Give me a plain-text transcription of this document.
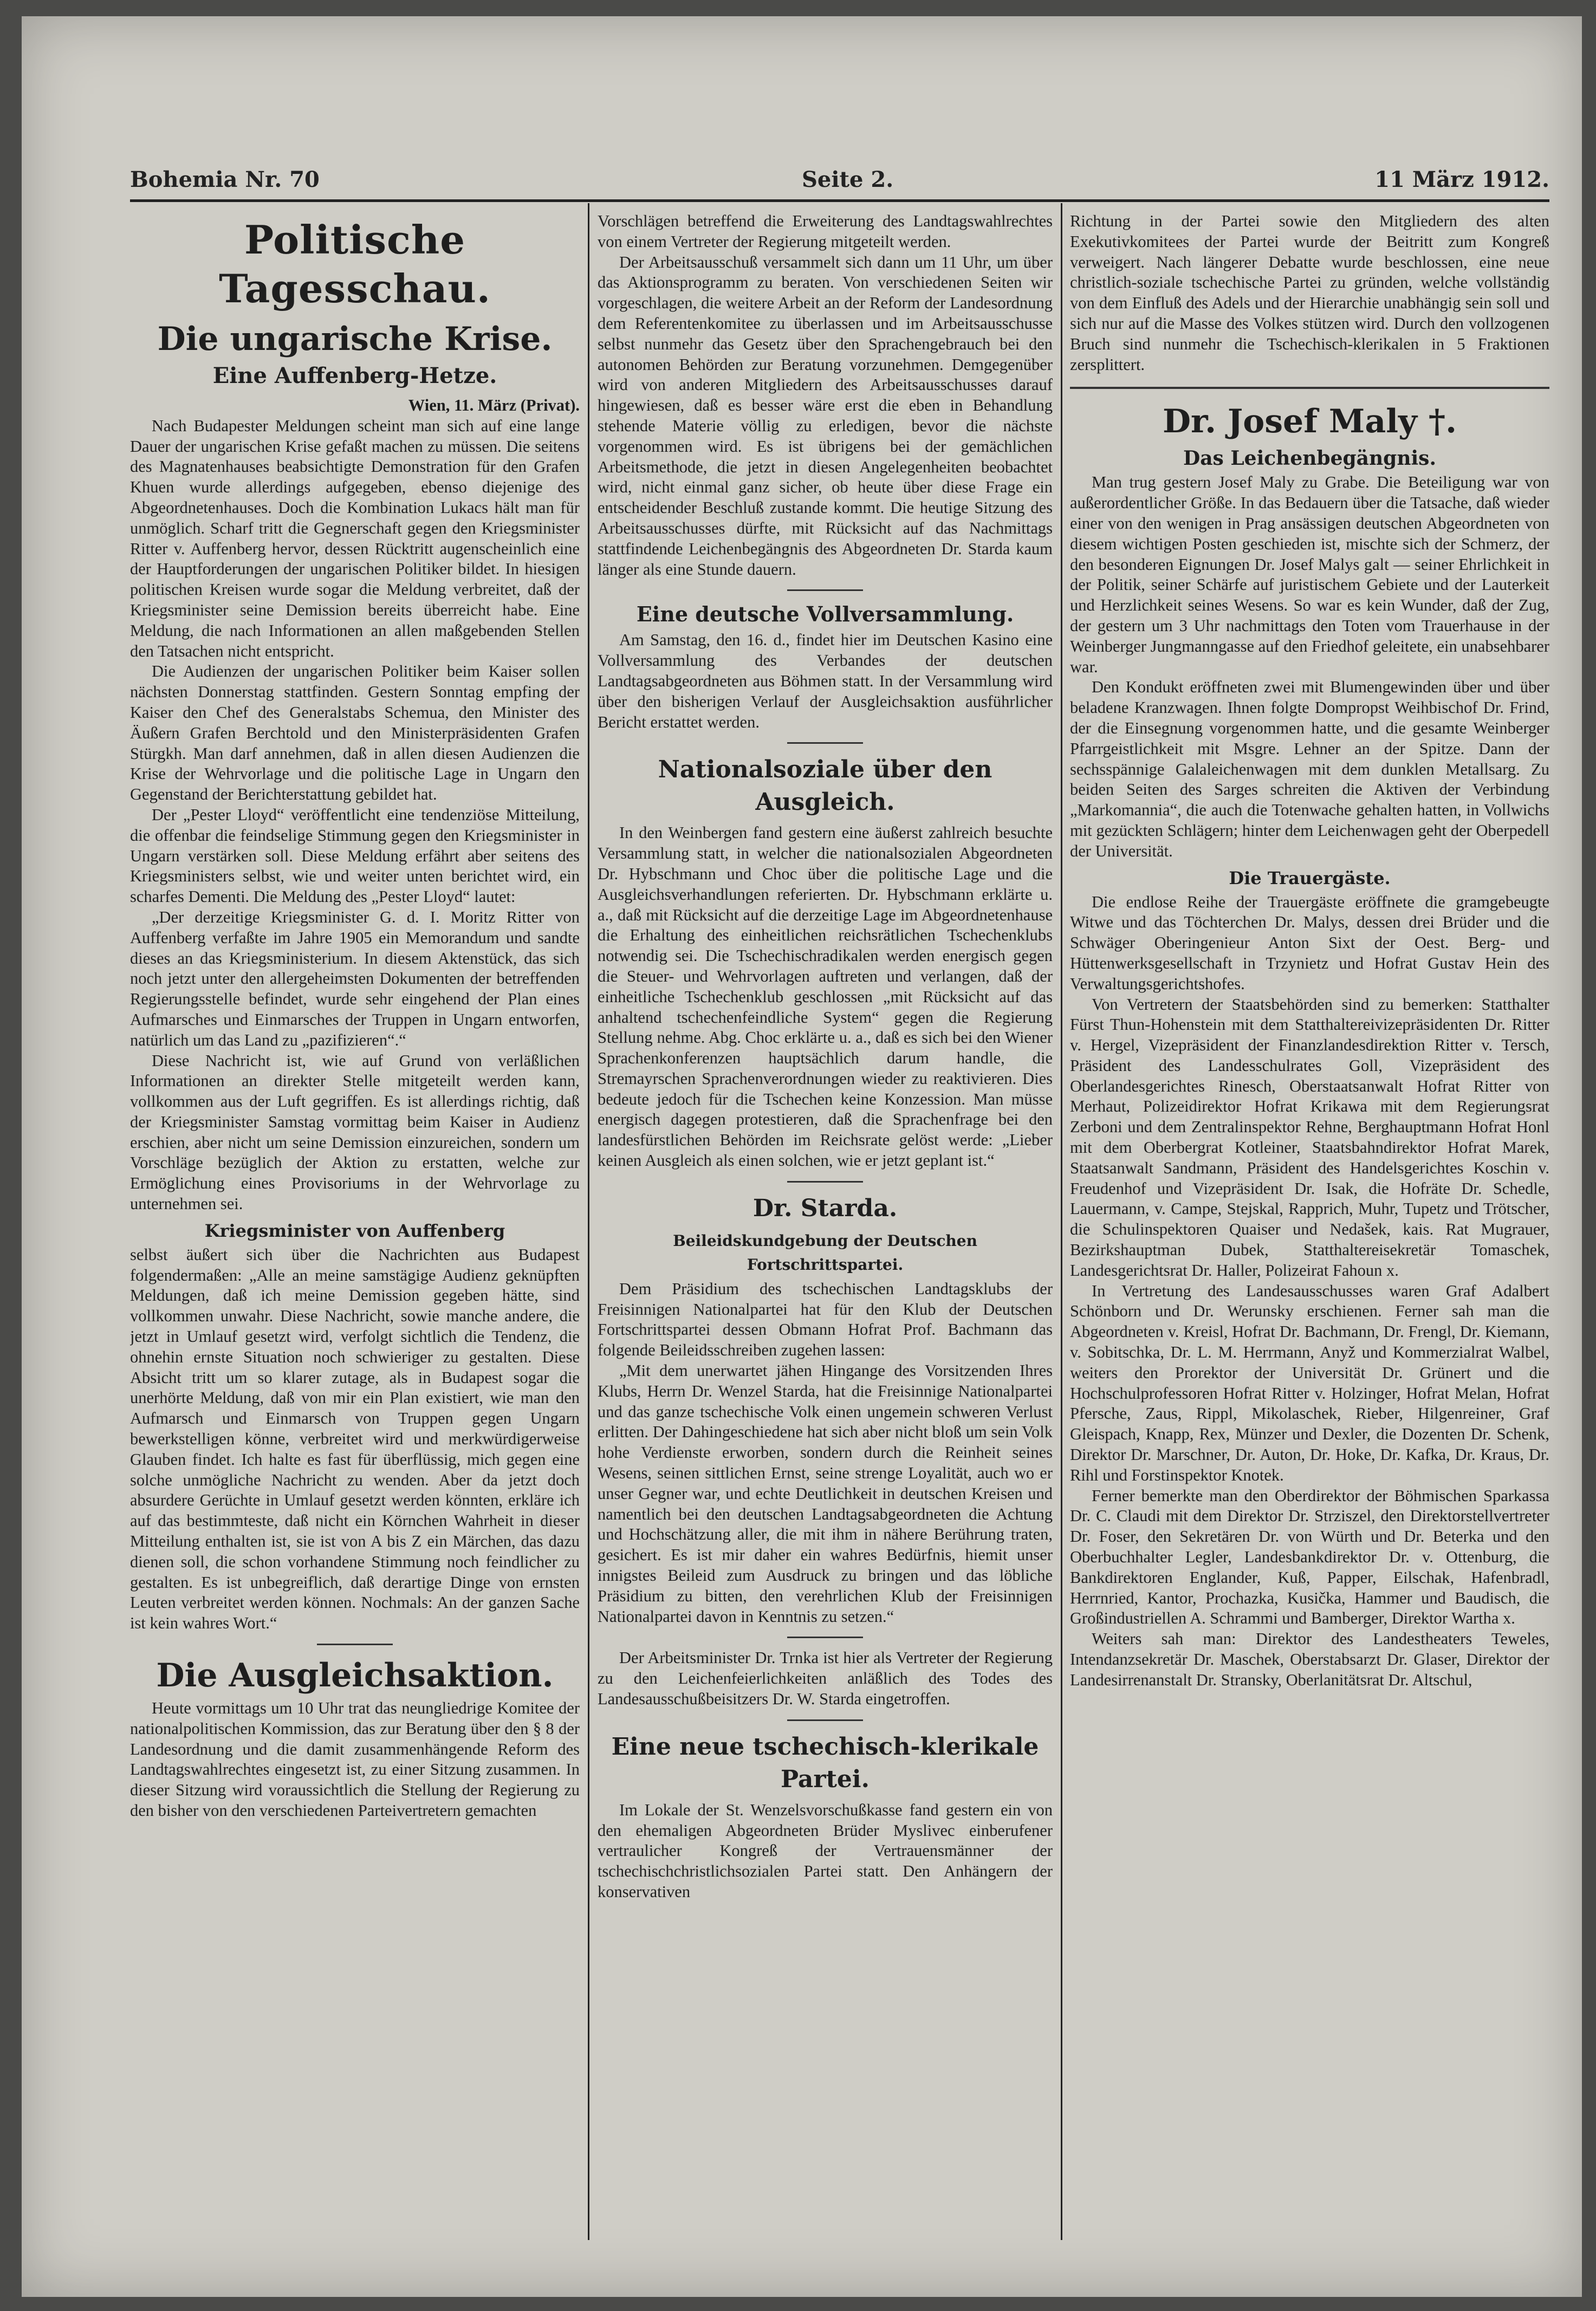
Bohemia Nr. 70	Seite 2.	11 März 1912.
Politische Tagesschau.
Die ungarische Krise.
Eine Auffenberg-Hetze.

Wien, 11. März (Privat).

Nach Budapester Meldungen scheint man sich auf eine lange Dauer der ungarischen Krise gefaßt machen zu müssen. Die seitens des Magnatenhauses beabsichtigte Demonstration für den Grafen Khuen wurde allerdings aufgegeben, ebenso diejenige des Abgeordnetenhauses. Doch die Kombination Lukacs hält man für unmöglich. Scharf tritt die Gegnerschaft gegen den Kriegsminister Ritter v. Auffenberg hervor, dessen Rücktritt augenscheinlich eine der Hauptforderungen der ungarischen Politiker bildet. In hiesigen politischen Kreisen wurde sogar die Meldung verbreitet, daß der Kriegsminister seine Demission bereits überreicht habe. Eine Meldung, die nach Informationen an allen maßgebenden Stellen den Tatsachen nicht entspricht.

Die Audienzen der ungarischen Politiker beim Kaiser sollen nächsten Donnerstag stattfinden. Gestern Sonntag empfing der Kaiser den Chef des Generalstabs Schemua, den Minister des Äußern Grafen Berchtold und den Ministerpräsidenten Grafen Stürgkh. Man darf annehmen, daß in allen diesen Audienzen die Krise der Wehrvorlage und die politische Lage in Ungarn den Gegenstand der Berichterstattung gebildet hat.

Der „Pester Lloyd“ veröffentlicht eine tendenziöse Mitteilung, die offenbar die feindselige Stimmung gegen den Kriegsminister in Ungarn verstärken soll. Diese Meldung erfährt aber seitens des Kriegsministers selbst, wie und weiter unten berichtet wird, ein scharfes Dementi. Die Meldung des „Pester Lloyd“ lautet:

„Der derzeitige Kriegsminister G. d. I. Moritz Ritter von Auffenberg verfaßte im Jahre 1905 ein Memorandum und sandte dieses an das Kriegsministerium. In diesem Aktenstück, das sich noch jetzt unter den allergeheimsten Dokumenten der betreffenden Regierungsstelle befindet, wurde sehr eingehend der Plan eines Aufmarsches und Einmarsches der Truppen in Ungarn entworfen, natürlich um das Land zu „pazifizieren“.“

Diese Nachricht ist, wie auf Grund von verläßlichen Informationen an direkter Stelle mitgeteilt werden kann, vollkommen aus der Luft gegriffen. Es ist allerdings richtig, daß der Kriegsminister Samstag vormittag beim Kaiser in Audienz erschien, aber nicht um seine Demission einzureichen, sondern um Vorschläge bezüglich der Aktion zu erstatten, welche zur Ermöglichung eines Provisoriums in der Wehrvorlage zu unternehmen sei.

Kriegsminister von Auffenberg

selbst äußert sich über die Nachrichten aus Budapest folgendermaßen: „Alle an meine samstägige Audienz geknüpften Meldungen, daß ich meine Demission gegeben hätte, sind vollkommen unwahr. Diese Nachricht, sowie manche andere, die jetzt in Umlauf gesetzt wird, verfolgt sichtlich die Tendenz, die ohnehin ernste Situation noch schwieriger zu gestalten. Diese Absicht tritt um so klarer zutage, als in Budapest sogar die unerhörte Meldung, daß von mir ein Plan existiert, wie man den Aufmarsch und Einmarsch von Truppen gegen Ungarn bewerkstelligen könne, verbreitet wird und merkwürdigerweise Glauben findet. Ich halte es fast für überflüssig, mich gegen eine solche unmögliche Nachricht zu wenden. Aber da jetzt doch absurdere Gerüchte in Umlauf gesetzt werden könnten, erkläre ich auf das bestimmteste, daß nicht ein Körnchen Wahrheit in dieser Mitteilung enthalten ist, sie ist von A bis Z ein Märchen, das dazu dienen soll, die schon vorhandene Stimmung noch feindlicher zu gestalten. Es ist unbegreiflich, daß derartige Dinge von ernsten Leuten verbreitet werden können. Nochmals: An der ganzen Sache ist kein wahres Wort.“

Die Ausgleichsaktion.

Heute vormittags um 10 Uhr trat das neungliedrige Komitee der nationalpolitischen Kommission, das zur Beratung über den § 8 der Landesordnung und die damit zusammenhängende Reform des Landtagswahlrechtes eingesetzt ist, zu einer Sitzung zusammen. In dieser Sitzung wird voraussichtlich die Stellung der Regierung zu den bisher von den verschiedenen Parteivertretern gemachten

Vorschlägen betreffend die Erweiterung des Landtagswahlrechtes von einem Vertreter der Regierung mitgeteilt werden.

Der Arbeitsausschuß versammelt sich dann um 11 Uhr, um über das Aktionsprogramm zu beraten. Von verschiedenen Seiten wir vorgeschlagen, die weitere Arbeit an der Reform der Landesordnung dem Referentenkomitee zu überlassen und im Arbeitsausschusse selbst nunmehr das Gesetz über den Sprachengebrauch bei den autonomen Behörden zur Beratung vorzunehmen. Demgegenüber wird von anderen Mitgliedern des Arbeitsausschusses darauf hingewiesen, daß es besser wäre erst die eben in Behandlung stehende Materie völlig zu erledigen, bevor die nächste vorgenommen wird. Es ist übrigens bei der gemächlichen Arbeitsmethode, die jetzt in diesen Angelegenheiten beobachtet wird, nicht einmal ganz sicher, ob heute über diese Frage ein entscheidender Beschluß zustande kommt. Die heutige Sitzung des Arbeitsausschusses dürfte, mit Rücksicht auf das Nachmittags stattfindende Leichenbegängnis des Abgeordneten Dr. Starda kaum länger als eine Stunde dauern.

Eine deutsche Vollversammlung.

Am Samstag, den 16. d., findet hier im Deutschen Kasino eine Vollversammlung des Verbandes der deutschen Landtagsabgeordneten aus Böhmen statt. In der Versammlung wird über den bisherigen Verlauf der Ausgleichsaktion ausführlicher Bericht erstattet werden.

Nationalsoziale über den Ausgleich.

In den Weinbergen fand gestern eine äußerst zahlreich besuchte Versammlung statt, in welcher die nationalsozialen Abgeordneten Dr. Hybschmann und Choc über die politische Lage und die Ausgleichsverhandlungen referierten. Dr. Hybschmann erklärte u. a., daß mit Rücksicht auf die derzeitige Lage im Abgeordnetenhause die Erhaltung des einheitlichen reichsrätlichen Tschechenklubs notwendig sei. Die Tschechischradikalen werden energisch gegen die Steuer- und Wehrvorlagen auftreten und verlangen, daß der einheitliche Tschechenklub geschlossen „mit Rücksicht auf das anhaltend tschechenfeindliche System“ gegen die Regierung Stellung nehme. Abg. Choc erklärte u. a., daß es sich bei den Wiener Sprachenkonferenzen hauptsächlich darum handle, die Stremayrschen Sprachenverordnungen wieder zu reaktivieren. Dies bedeute jedoch für die Tschechen keine Konzession. Man müsse energisch dagegen protestieren, daß die Sprachenfrage bei den landesfürstlichen Behörden im Reichsrate gelöst werde: „Lieber keinen Ausgleich als einen solchen, wie er jetzt geplant ist.“

Dr. Starda.
Beileidskundgebung der Deutschen Fortschrittspartei.

Dem Präsidium des tschechischen Landtagsklubs der Freisinnigen Nationalpartei hat für den Klub der Deutschen Fortschrittspartei dessen Obmann Hofrat Prof. Bachmann das folgende Beileidsschreiben zugehen lassen:

„Mit dem unerwartet jähen Hingange des Vorsitzenden Ihres Klubs, Herrn Dr. Wenzel Starda, hat die Freisinnige Nationalpartei und das ganze tschechische Volk einen ungemein schweren Verlust erlitten. Der Dahingeschiedene hat sich aber nicht bloß um sein Volk hohe Verdienste erworben, sondern durch die Reinheit seines Wesens, seinen sittlichen Ernst, seine strenge Loyalität, auch wo er unser Gegner war, und echte Deutlichkeit in deutschen Kreisen und namentlich bei den deutschen Landtagsabgeordneten die Achtung und Hochschätzung aller, die mit ihm in nähere Berührung traten, gesichert. Es ist mir daher ein wahres Bedürfnis, hiemit unser innigstes Beileid zum Ausdruck zu bringen und das löbliche Präsidium zu bitten, den verehrlichen Klub der Freisinnigen Nationalpartei davon in Kenntnis zu setzen.“

Der Arbeitsminister Dr. Trnka ist hier als Vertreter der Regierung zu den Leichenfeierlichkeiten anläßlich des Todes des Landesausschußbeisitzers Dr. W. Starda eingetroffen.

Eine neue tschechisch-klerikale Partei.

Im Lokale der St. Wenzelsvorschußkasse fand gestern ein von den ehemaligen Abgeordneten Brüder Myslivec einberufener vertraulicher Kongreß der Vertrauensmänner der tschechischchristlichsozialen Partei statt. Den Anhängern der konservativen

Richtung in der Partei sowie den Mitgliedern des alten Exekutivkomitees der Partei wurde der Beitritt zum Kongreß verweigert. Nach längerer Debatte wurde beschlossen, eine neue christlich-soziale tschechische Partei zu gründen, welche vollständig von dem Einfluß des Adels und der Hierarchie unabhängig sein soll und sich nur auf die Masse des Volkes stützen wird. Durch den vollzogenen Bruch sind nunmehr die Tschechisch-klerikalen in 5 Fraktionen zersplittert.

Dr. Josef Maly †.
Das Leichenbegängnis.

Man trug gestern Josef Maly zu Grabe. Die Beteiligung war von außerordentlicher Größe. In das Bedauern über die Tatsache, daß wieder einer von den wenigen in Prag ansässigen deutschen Abgeordneten von diesem wichtigen Posten geschieden ist, mischte sich der Schmerz, der den besonderen Eignungen Dr. Josef Malys galt — seiner Ehrlichkeit in der Politik, seiner Schärfe auf juristischem Gebiete und der Lauterkeit und Herzlichkeit seines Wesens. So war es kein Wunder, daß der Zug, der gestern um 3 Uhr nachmittags den Toten vom Trauerhause in der Weinberger Jungmanngasse auf den Friedhof geleitete, ein unabsehbarer war.

Den Kondukt eröffneten zwei mit Blumengewinden über und über beladene Kranzwagen. Ihnen folgte Dompropst Weihbischof Dr. Frind, der die Einsegnung vorgenommen hatte, und die gesamte Weinberger Pfarrgeistlichkeit mit Msgre. Lehner an der Spitze. Dann der sechsspännige Galaleichenwagen mit dem dunklen Metallsarg. Zu beiden Seiten des Sarges schreiten die Aktiven der Verbindung „Markomannia“, die auch die Totenwache gehalten hatten, in Vollwichs mit gezückten Schlägern; hinter dem Leichenwagen geht der Oberpedell der Universität.

Die Trauergäste.

Die endlose Reihe der Trauergäste eröffnete die gramgebeugte Witwe und das Töchterchen Dr. Malys, dessen drei Brüder und die Schwäger Oberingenieur Anton Sixt der Oest. Berg- und Hüttenwerksgesellschaft in Trzynietz und Hofrat Gustav Hein des Verwaltungsgerichtshofes.

Von Vertretern der Staatsbehörden sind zu bemerken: Statthalter Fürst Thun-Hohenstein mit dem Statthaltereivizepräsidenten Dr. Ritter v. Hergel, Vizepräsident der Finanzlandesdirektion Ritter v. Tersch, Präsident des Landesschulrates Goll, Vizepräsident des Oberlandesgerichtes Rinesch, Oberstaatsanwalt Hofrat Ritter von Merhaut, Polizeidirektor Hofrat Krikawa mit dem Regierungsrat Zerboni und dem Zentralinspektor Rehne, Berghauptmann Hofrat Honl mit dem Oberbergrat Kotleiner, Staatsbahndirektor Hofrat Marek, Staatsanwalt Sandmann, Präsident des Handelsgerichtes Koschin v. Freudenhof und Vizepräsident Dr. Isak, die Hofräte Dr. Schedle, Lauermann, v. Campe, Stejskal, Rapprich, Muhr, Tupetz und Trötscher, die Schulinspektoren Quaiser und Nedašek, kais. Rat Mugrauer, Bezirkshauptman Dubek, Statthaltereisekretär Tomaschek, Landesgerichtsrat Dr. Haller, Polizeirat Fahoun x.

In Vertretung des Landesausschusses waren Graf Adalbert Schönborn und Dr. Werunsky erschienen. Ferner sah man die Abgeordneten v. Kreisl, Hofrat Dr. Bachmann, Dr. Frengl, Dr. Kiemann, v. Sobitschka, Dr. L. M. Herrmann, Anyž und Kommerzialrat Walbel, weiters den Prorektor der Universität Dr. Grünert und die Hochschulprofessoren Hofrat Ritter v. Holzinger, Hofrat Melan, Hofrat Pfersche, Zaus, Rippl, Mikolaschek, Rieber, Hilgenreiner, Graf Gleispach, Knapp, Rex, Münzer und Dexler, die Dozenten Dr. Schenk, Direktor Dr. Marschner, Dr. Auton, Dr. Hoke, Dr. Kafka, Dr. Kraus, Dr. Rihl und Forstinspektor Knotek.

Ferner bemerkte man den Oberdirektor der Böhmischen Sparkassa Dr. C. Claudi mit dem Direktor Dr. Strziszel, den Direktorstellvertreter Dr. Foser, den Sekretären Dr. von Würth und Dr. Beterka und den Oberbuchhalter Legler, Landesbankdirektor Dr. v. Ottenburg, die Bankdirektoren Englander, Kuß, Papper, Eilschak, Hafenbradl, Herrnried, Kantor, Prochazka, Kusička, Hammer und Baudisch, die Großindustriellen A. Schrammi und Bamberger, Direktor Wartha x.

Weiters sah man: Direktor des Landestheaters Teweles, Intendanzsekretär Dr. Maschek, Oberstabsarzt Dr. Glaser, Direktor der Landesirrenanstalt Dr. Stransky, Oberlanitätsrat Dr. Altschul,
